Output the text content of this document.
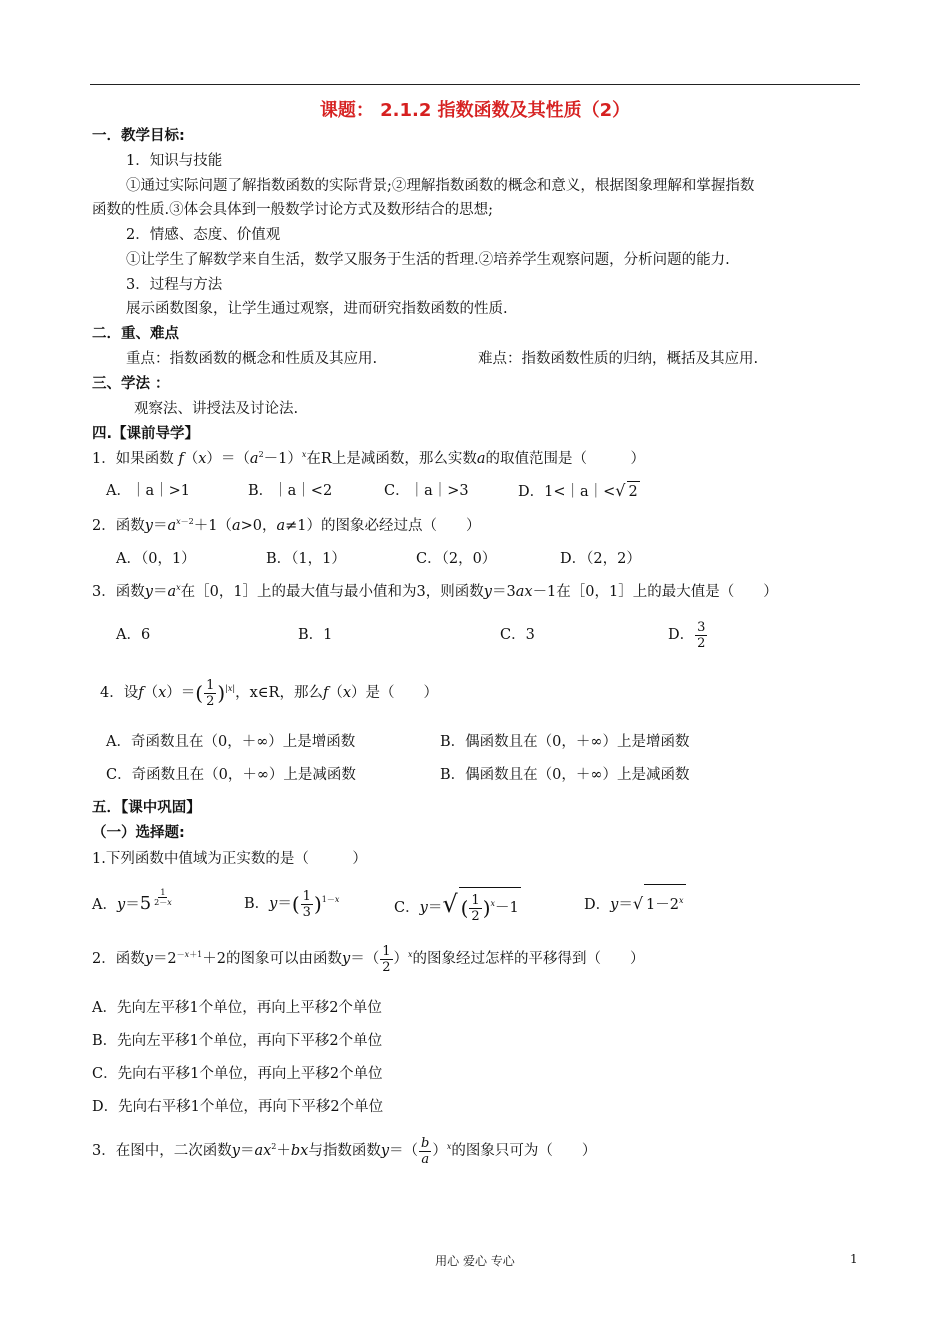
课题： 2.1.2 指数函数及其性质（2）
一．教学目标:
1．知识与技能
①通过实际问题了解指数函数的实际背景;②理解指数函数的概念和意义，根据图象理解和掌握指数
函数的性质.③体会具体到一般数学讨论方式及数形结合的思想;
2．情感、态度、价值观
①让学生了解数学来自生活，数学又服务于生活的哲理.②培养学生观察问题，分析问题的能力.
3．过程与方法
展示函数图象，让学生通过观察，进而研究指数函数的性质.
二．重、难点
重点：指数函数的概念和性质及其应用.	难点：指数函数性质的归纳，概括及其应用.
三、学法 ：
观察法、讲授法及讨论法.
四.【课前导学】
1．如果函数 $f(x)=(a^2-1)^x$在R上是减函数，那么实数a的取值范围是（　　　）
A．｜a｜>1	B．｜a｜<2	C．｜a｜>3	D．1<｜a｜<√ 2
2．函数$y=a^{x-2}+1(a>0$，a≠1）的图象必经过点（　　）
A．（0，1）	B．（1，1）	C．（2，0）	D．（2，2）
3．函数$y=a^x$在［0，1］上的最大值与最小值和为3，则函数y＝3ax－1在［0，1］上的最大值是（　　）
A．6	B．1	C．3	D． $\frac{3}{2}$
4．设$f(x)=( \frac{1}{2} )^{|x|}$，x∈R，那么f（x）是（　　）
A．奇函数且在（0，＋∞）上是增函数	B．偶函数且在（0，＋∞）上是增函数
C．奇函数且在（0，＋∞）上是减函数	B．偶函数且在（0，＋∞）上是减函数
五．【课中巩固】
（一）选择题:
1.下列函数中值域为正实数的是（　　　）
A．y＝5 $^{\frac{1}{2-x}}$	B．$y=( \frac{1}{3} )^{1-x}$
C．y＝√ ( $\frac{1}{2} )^x-1$	D．y＝√ $1-2^x$
2．函数$y=2^{-x+1}+2$的图象可以由函数$y=( \frac{1}{2} )^x$的图象经过怎样的平移得到（　　）
A．先向左平移1个单位，再向上平移2个单位
B．先向左平移1个单位，再向下平移2个单位
C．先向右平移1个单位，再向上平移2个单位
D．先向右平移1个单位，再向下平移2个单位
3．在图中，二次函数$y=ax^2+bx$与指数函数$y=( \frac{b}{a} )^x$的图象只可为（　　）
用心 爱心 专心	1
